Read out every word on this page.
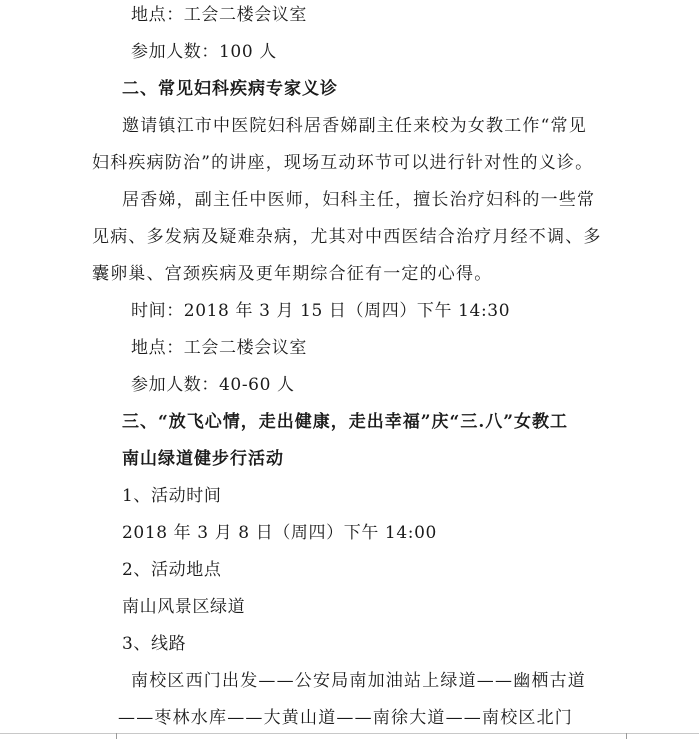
地点：工会二楼会议室
参加人数：100 人
二、常见妇科疾病专家义诊
邀请镇江市中医院妇科居香娣副主任来校为女教工作“常见
妇科疾病防治”的讲座，现场互动环节可以进行针对性的义诊。
居香娣，副主任中医师，妇科主任，擅长治疗妇科的一些常
见病、多发病及疑难杂病，尤其对中西医结合治疗月经不调、多
囊卵巢、宫颈疾病及更年期综合征有一定的心得。
时间：2018 年 3 月 15 日（周四）下午 14:30
地点：工会二楼会议室
参加人数：40-60 人
三、“放飞心情，走出健康，走出幸福”庆“三.八”女教工
南山绿道健步行活动
1、活动时间
2018 年 3 月 8 日（周四）下午 14:00
2、活动地点
南山风景区绿道
3、线路
南校区西门出发——公安局南加油站上绿道——幽栖古道
——枣林水库——大黄山道——南徐大道——南校区北门
